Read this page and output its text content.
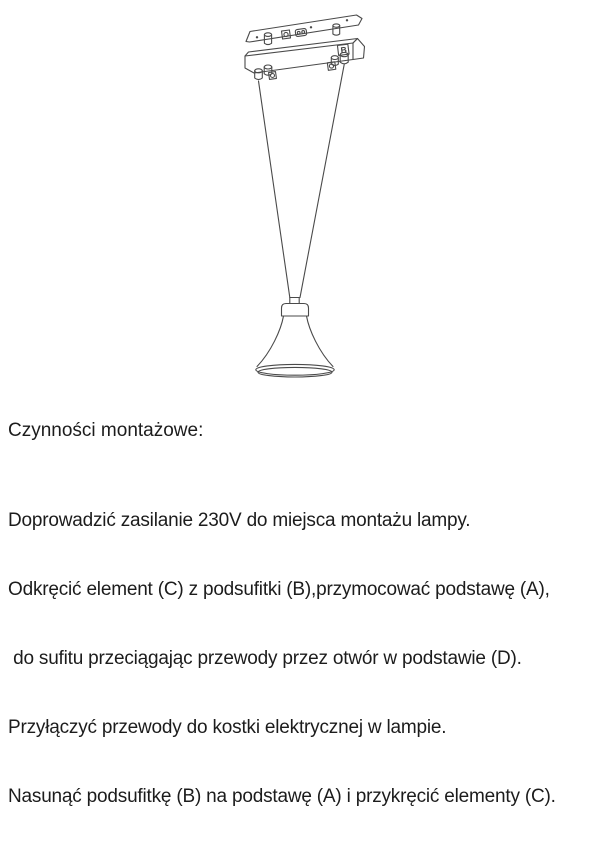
B
Czynności montażowe:

Doprowadzić zasilanie 230V do miejsca montażu lampy.

Odkręcić element (C) z podsufitki (B),przymocować podstawę (A),

do sufitu przeciągając przewody przez otwór w podstawie (D).

Przyłączyć przewody do kostki elektrycznej w lampie.

Nasunąć podsufitkę (B) na podstawę (A) i przykręcić elementy (C).
